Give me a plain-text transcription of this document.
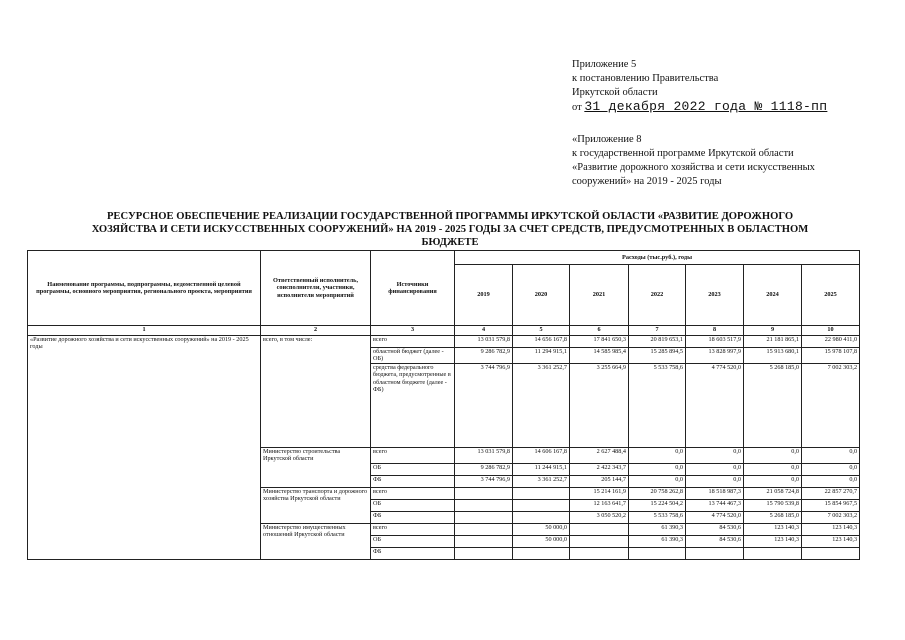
Приложение 5
к постановлению Правительства
Иркутской области
от 31 декабря 2022 года № 1118-пп
«Приложение 8
к государственной программе Иркутской области
«Развитие дорожного хозяйства и сети искусственных
сооружений» на 2019 - 2025 годы
РЕСУРСНОЕ ОБЕСПЕЧЕНИЕ РЕАЛИЗАЦИИ ГОСУДАРСТВЕННОЙ ПРОГРАММЫ ИРКУТСКОЙ ОБЛАСТИ «РАЗВИТИЕ ДОРОЖНОГО
ХОЗЯЙСТВА И СЕТИ ИСКУССТВЕННЫХ СООРУЖЕНИЙ» НА 2019 - 2025 ГОДЫ ЗА СЧЕТ СРЕДСТВ, ПРЕДУСМОТРЕННЫХ В ОБЛАСТНОМ
БЮДЖЕТЕ
Наименование программы, подпрограммы, ведомственной целевой программы, основного мероприятия, регионального проекта, мероприятия	Ответственный исполнитель, соисполнители, участники, исполнители мероприятий	Источники финансирования	Расходы (тыс.руб.), годы						
			2019	2020	2021	2022	2023	2024	2025
1	2	3	4	5	6	7	8	9	10
«Развитие дорожного хозяйства и сети искусственных сооружений» на 2019 - 2025 годы	всего, в том числе:	всего	13 031 579,8	14 656 167,8	17 841 650,3	20 819 653,1	18 603 517,9	21 181 865,1	22 980 411,0
		областной бюджет (далее - ОБ)	9 286 782,9	11 294 915,1	14 585 985,4	15 285 894,5	13 828 997,9	15 913 680,1	15 978 107,8
		средства федерального бюджета, предусмотренные в областном бюджете (далее - ФБ)	3 744 796,9	3 361 252,7	3 255 664,9	5 533 758,6	4 774 520,0	5 268 185,0	7 002 303,2
	Министерство строительства Иркутской области	всего	13 031 579,8	14 606 167,8	2 627 488,4	0,0	0,0	0,0	0,0
		ОБ	9 286 782,9	11 244 915,1	2 422 343,7	0,0	0,0	0,0	0,0
		ФБ	3 744 796,9	3 361 252,7	205 144,7	0,0	0,0	0,0	0,0
	Министерство транспорта и дорожного хозяйства Иркутской области	всего			15 214 161,9	20 758 262,8	18 518 987,3	21 058 724,8	22 857 270,7
		ОБ			12 163 641,7	15 224 504,2	13 744 467,3	15 790 539,8	15 854 967,5
		ФБ			3 050 520,2	5 533 758,6	4 774 520,0	5 268 185,0	7 002 303,2
	Министерство имущественных отношений Иркутской области	всего		50 000,0		61 390,3	84 530,6	123 140,3	123 140,3
		ОБ		50 000,0		61 390,3	84 530,6	123 140,3	123 140,3
		ФБ							
